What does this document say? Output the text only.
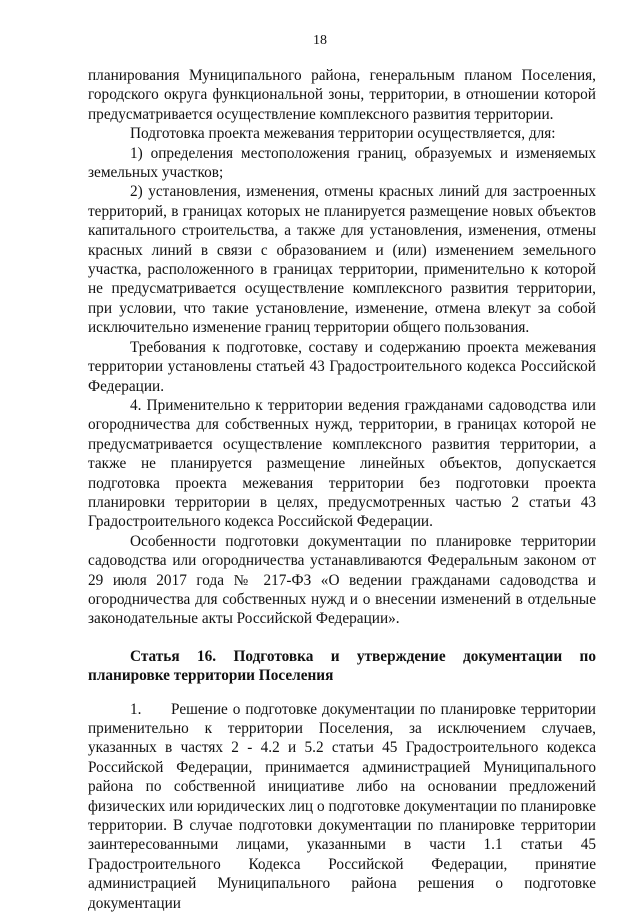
18

планирования Муниципального района, генеральным планом Поселения, городского округа функциональной зоны, территории, в отношении которой предусматривается осуществление комплексного развития территории.

Подготовка проекта межевания территории осуществляется, для:

1) определения местоположения границ, образуемых и изменяемых земельных участков;

2) установления, изменения, отмены красных линий для застроенных территорий, в границах которых не планируется размещение новых объектов капитального строительства, а также для установления, изменения, отмены красных линий в связи с образованием и (или) изменением земельного участка, расположенного в границах территории, применительно к которой не предусматривается осуществление комплексного развития территории, при условии, что такие установление, изменение, отмена влекут за собой исключительно изменение границ территории общего пользования.

Требования к подготовке, составу и содержанию проекта межевания территории установлены статьей 43 Градостроительного кодекса Российской Федерации.

4. Применительно к территории ведения гражданами садоводства или огородничества для собственных нужд, территории, в границах которой не предусматривается осуществление комплексного развития территории, а также не планируется размещение линейных объектов, допускается подготовка проекта межевания территории без подготовки проекта планировки территории в целях, предусмотренных частью 2 статьи 43 Градостроительного кодекса Российской Федерации.

Особенности подготовки документации по планировке территории садоводства или огородничества устанавливаются Федеральным законом от 29 июля 2017 года № 217-ФЗ «О ведении гражданами садоводства и огородничества для собственных нужд и о внесении изменений в отдельные законодательные акты Российской Федерации».

Статья 16. Подготовка и утверждение документации по планировке территории Поселения

1.      Решение о подготовке документации по планировке территории применительно к территории Поселения, за исключением случаев, указанных в частях 2 - 4.2 и 5.2 статьи 45 Градостроительного кодекса Российской Федерации, принимается администрацией Муниципального района по собственной инициативе либо на основании предложений физических или юридических лиц о подготовке документации по планировке территории. В случае подготовки документации по планировке территории заинтересованными лицами, указанными в части 1.1 статьи 45 Градостроительного Кодекса Российской Федерации, принятие администрацией Муниципального района решения о подготовке документации
